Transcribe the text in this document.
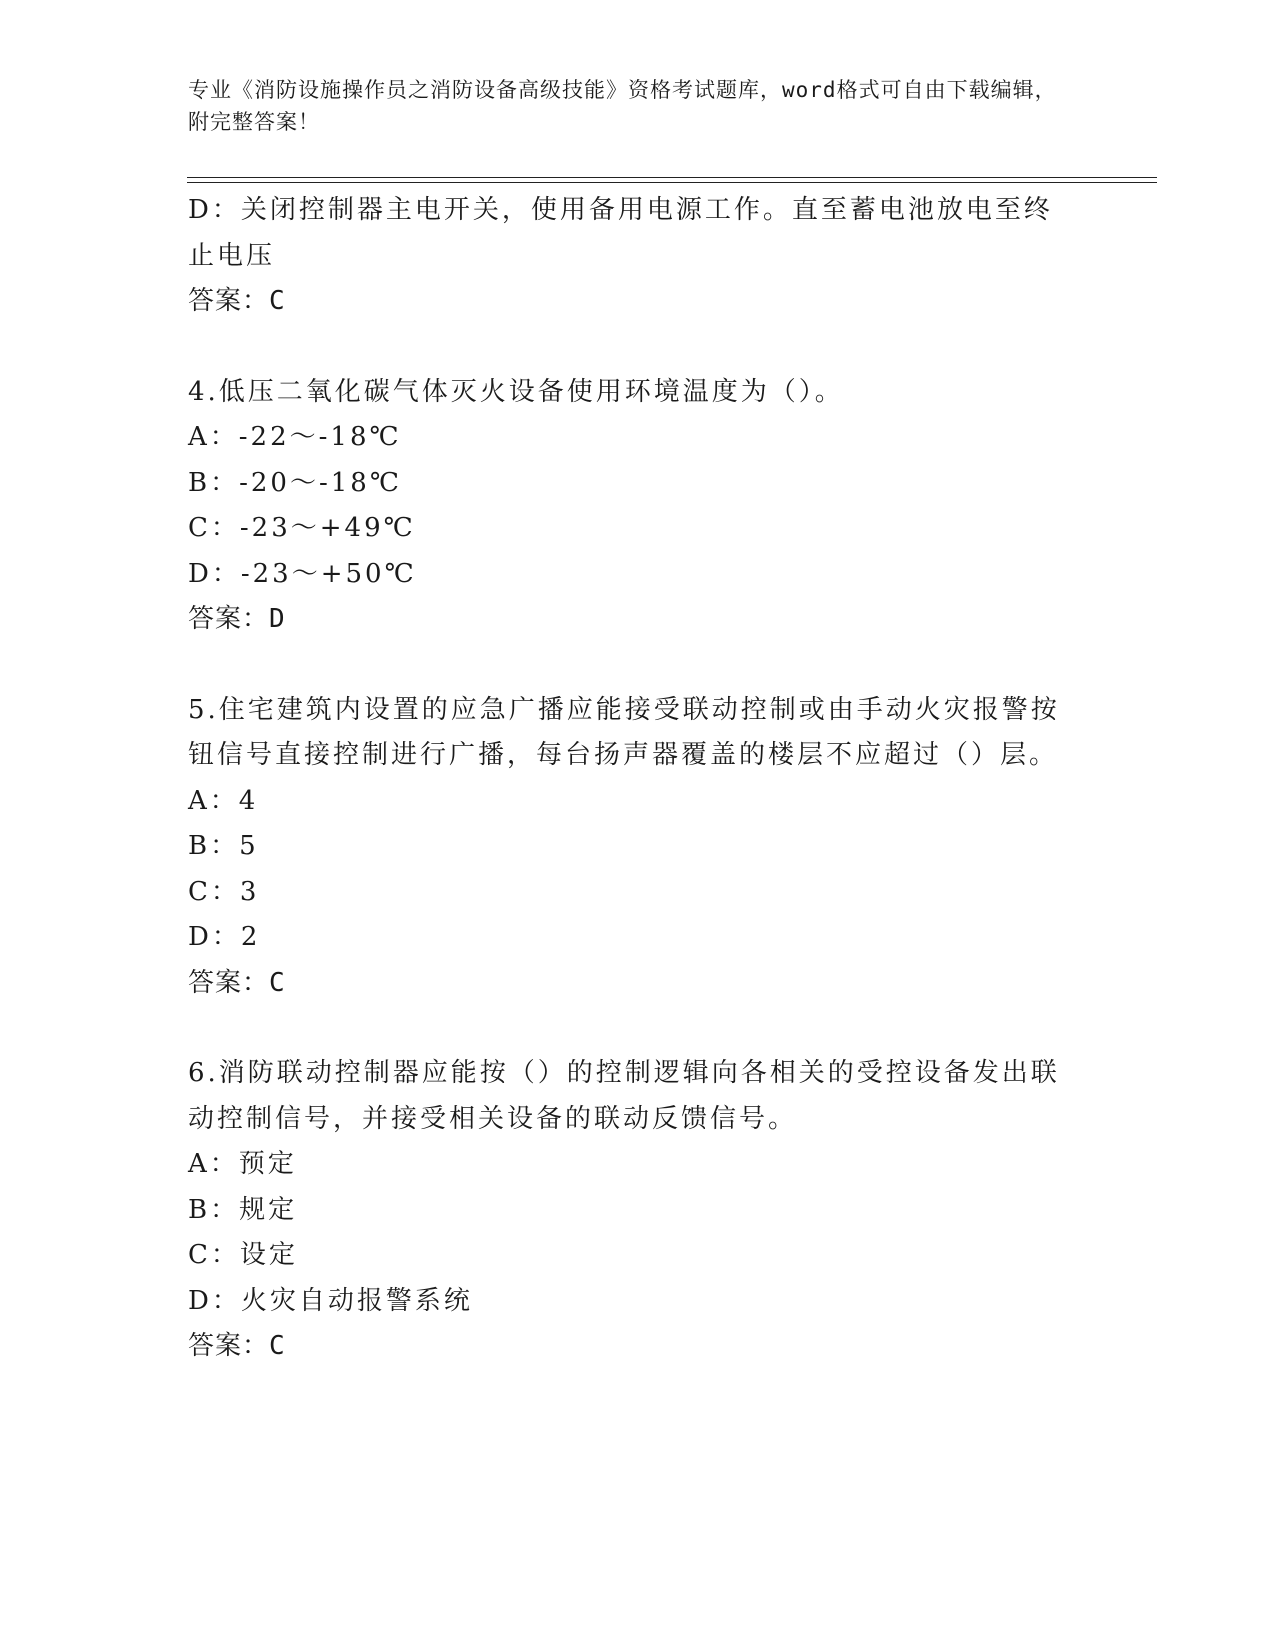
专业《消防设施操作员之消防设备高级技能》资格考试题库，word格式可自由下载编辑，附完整答案！
D：关闭控制器主电开关，使用备用电源工作。直至蓄电池放电至终止电压
答案：C
4.低压二氧化碳气体灭火设备使用环境温度为（）。
A：-22～-18℃
B：-20～-18℃
C：-23～+49℃
D：-23～+50℃
答案：D
5.住宅建筑内设置的应急广播应能接受联动控制或由手动火灾报警按钮信号直接控制进行广播，每台扬声器覆盖的楼层不应超过（）层。
A：4
B：5
C：3
D：2
答案：C
6.消防联动控制器应能按（）的控制逻辑向各相关的受控设备发出联动控制信号，并接受相关设备的联动反馈信号。
A：预定
B：规定
C：设定
D：火灾自动报警系统
答案：C
